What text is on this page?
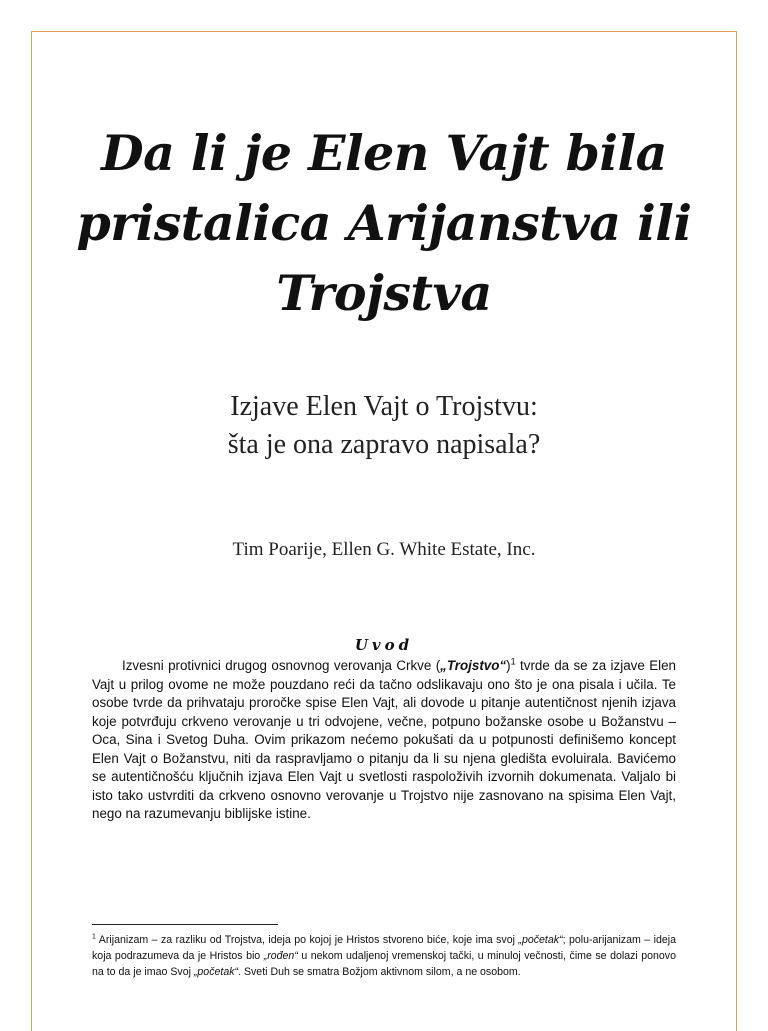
Da li je Elen Vajt bila pristalica Arijanstva ili Trojstva
Izjave Elen Vajt o Trojstvu:
šta je ona zapravo napisala?
Tim Poarije, Ellen G. White Estate, Inc.
Uvod

Izvesni protivnici drugog osnovnog verovanja Crkve („Trojstvo“)$^1$ tvrde da se za izjave Elen Vajt u prilog ovome ne može pouzdano reći da tačno odslikavaju ono što je ona pisala i učila. Te osobe tvrde da prihvataju proročke spise Elen Vajt, ali dovode u pitanje autentičnost njenih izjava koje potvrđuju crkveno verovanje u tri odvojene, večne, potpuno božanske osobe u Božanstvu – Oca, Sina i Svetog Duha. Ovim prikazom nećemo pokušati da u potpunosti definišemo koncept Elen Vajt o Božanstvu, niti da raspravljamo o pitanju da li su njena gledišta evoluirala. Bavićemo se autentičnošću ključnih izjava Elen Vajt u svetlosti raspoloživih izvornih dokumenata. Valjalo bi isto tako ustvrditi da crkveno osnovno verovanje u Trojstvo nije zasnovano na spisima Elen Vajt, nego na razumevanju biblijske istine.

$^1$ Arijanizam – za razliku od Trojstva, ideja po kojoj je Hristos stvoreno biće, koje ima svoj „početak“; polu-arijanizam – ideja koja podrazumeva da je Hristos bio „rođen“ u nekom udaljenoj vremenskoj tački, u minuloj večnosti, čime se dolazi ponovo na to da je imao Svoj „početak“. Sveti Duh se smatra Božjom aktivnom silom, a ne osobom.
